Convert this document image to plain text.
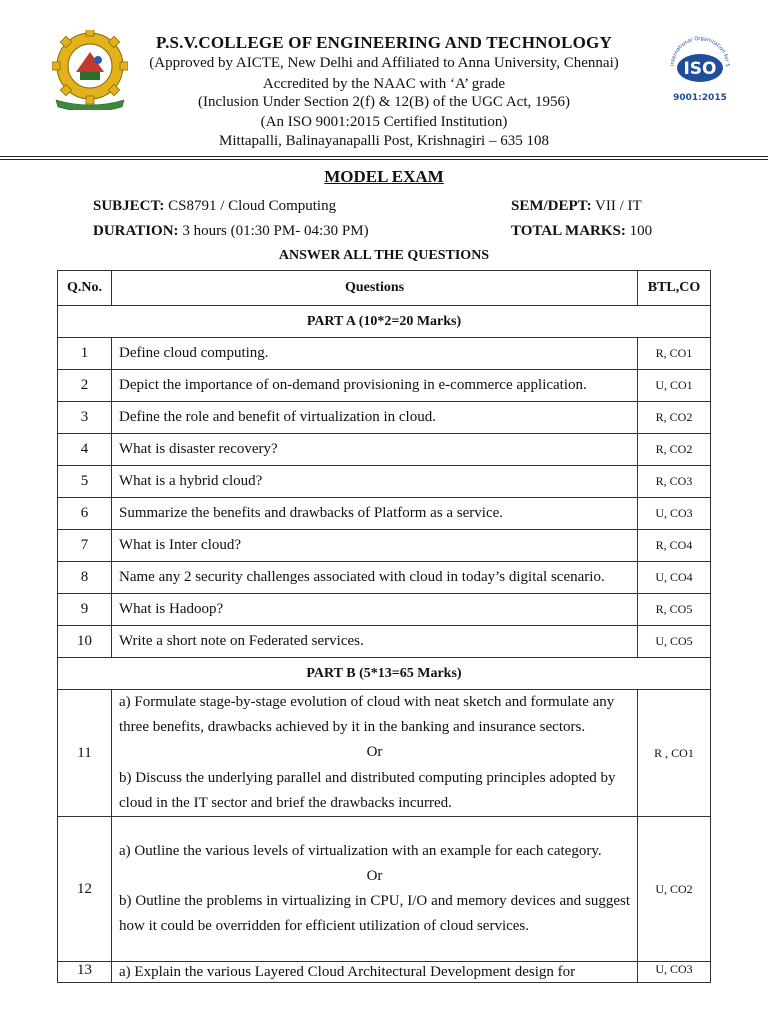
P.S.V.COLLEGE OF ENGINEERING AND TECHNOLOGY
(Approved by AICTE, New Delhi and Affiliated to Anna University, Chennai)
Accredited by the NAAC with ‘A’ grade
(Inclusion Under Section 2(f) & 12(B) of the UGC Act, 1956)
(An ISO 9001:2015 Certified Institution)
Mittapalli, Balinayanapalli Post, Krishnagiri – 635 108
International Organization for S
ISO
9001:2015
MODEL EXAM
SUBJECT: CS8791 / Cloud Computing	SEM/DEPT: VII / IT
DURATION: 3 hours (01:30 PM- 04:30 PM)	TOTAL MARKS: 100
ANSWER ALL THE QUESTIONS
Q.No.	Questions	BTL,CO
PART A (10*2=20 Marks)		
1	Define cloud computing.	R, CO1
2	Depict the importance of on-demand provisioning in e-commerce application.	U, CO1
3	Define the role and benefit of virtualization in cloud.	R, CO2
4	What is disaster recovery?	R, CO2
5	What is a hybrid cloud?	R, CO3
6	Summarize the benefits and drawbacks of Platform as a service.	U, CO3
7	What is Inter cloud?	R, CO4
8	Name any 2 security challenges associated with cloud in today’s digital scenario.	U, CO4
9	What is Hadoop?	R, CO5
10	Write a short note on Federated services.	U, CO5
PART B (5*13=65 Marks)		
11	a) Formulate stage-by-stage evolution of cloud with neat sketch and formulate any three benefits, drawbacks achieved by it in the banking and insurance sectors.
Or
b) Discuss the underlying parallel and distributed computing principles adopted by cloud in the IT sector and brief the drawbacks incurred.	R , CO1
12	a) Outline the various levels of virtualization with an example for each category.
Or
b) Outline the problems in virtualizing in CPU, I/O and memory devices and suggest how it could be overridden for efficient utilization of cloud services.	U, CO2
13	a) Explain the various Layered Cloud Architectural Development design for	U, CO3
